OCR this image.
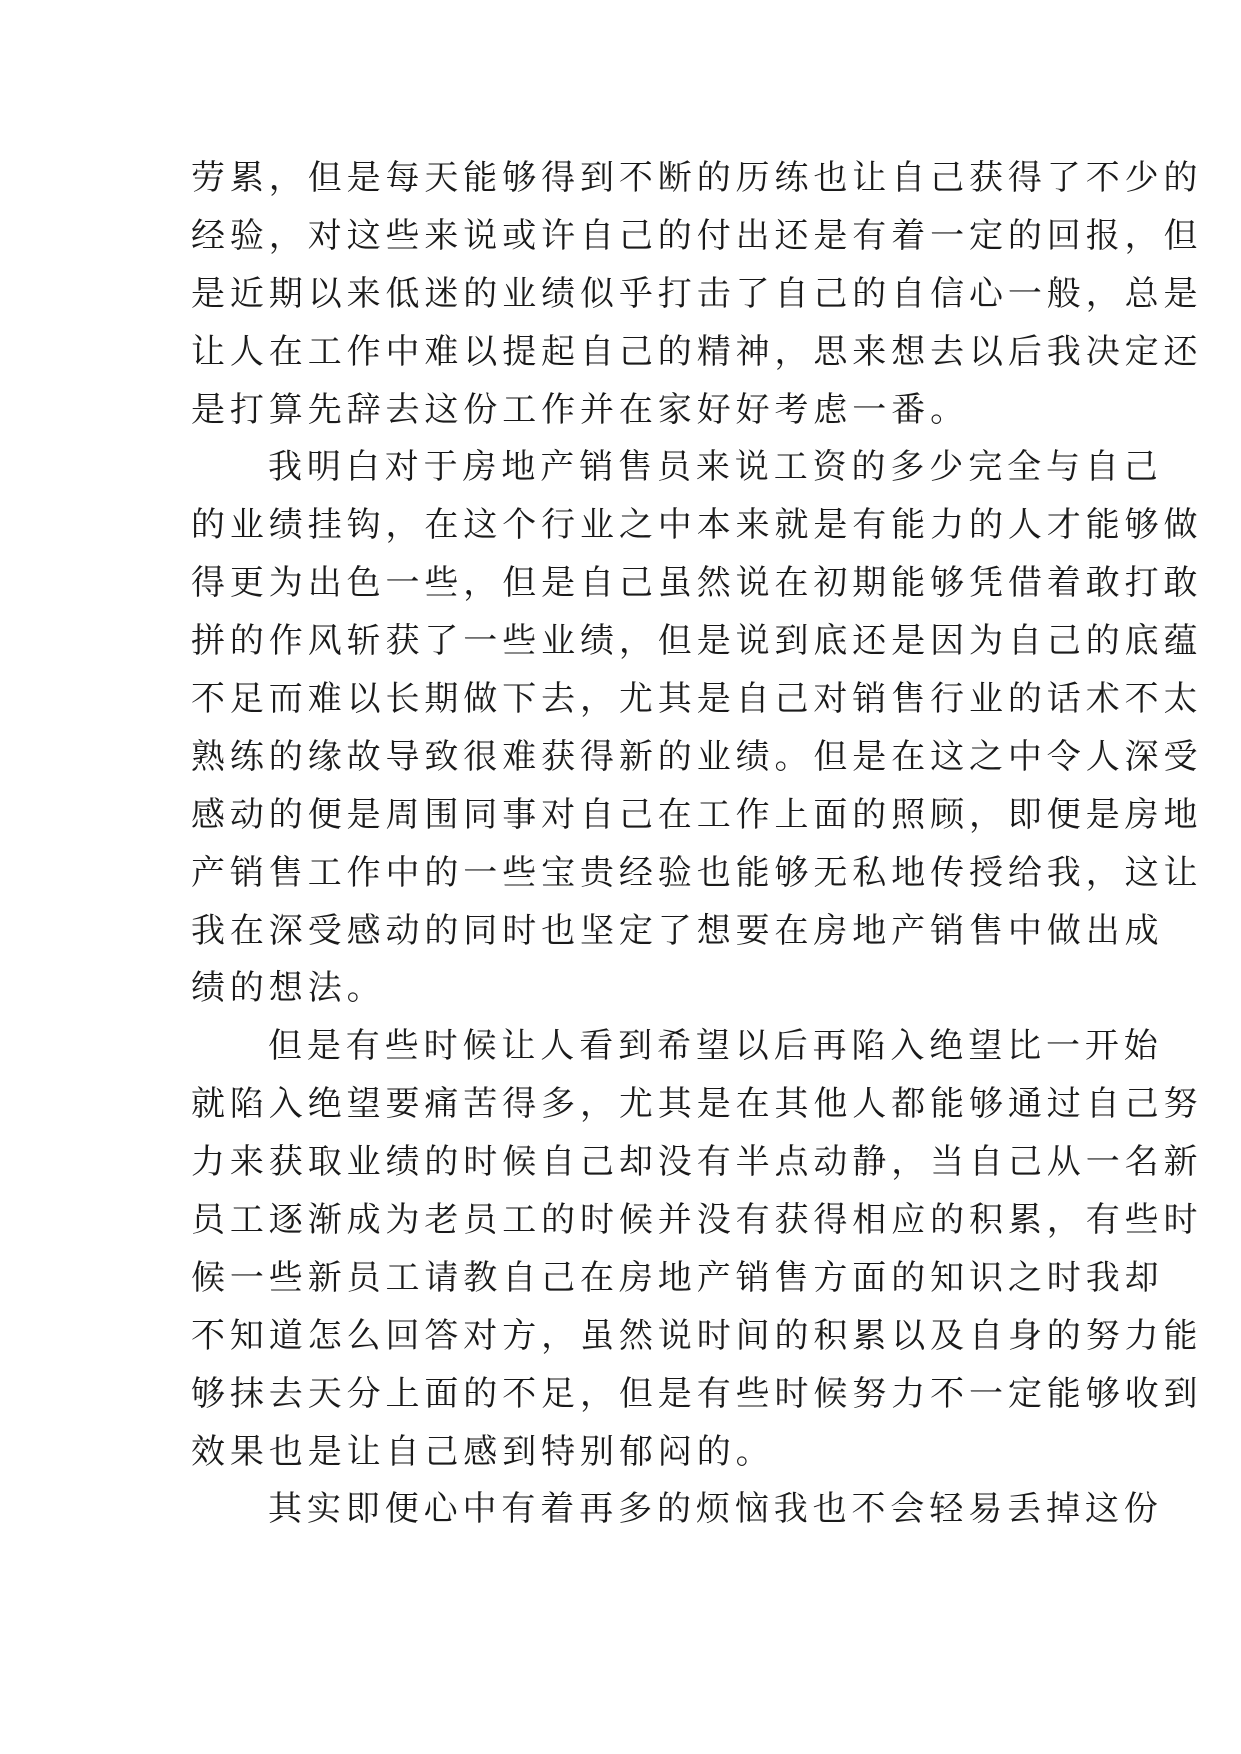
劳累，但是每天能够得到不断的历练也让自己获得了不少的
经验，对这些来说或许自己的付出还是有着一定的回报，但
是近期以来低迷的业绩似乎打击了自己的自信心一般，总是
让人在工作中难以提起自己的精神，思来想去以后我决定还
是打算先辞去这份工作并在家好好考虑一番。
我明白对于房地产销售员来说工资的多少完全与自己
的业绩挂钩，在这个行业之中本来就是有能力的人才能够做
得更为出色一些，但是自己虽然说在初期能够凭借着敢打敢
拼的作风斩获了一些业绩，但是说到底还是因为自己的底蕴
不足而难以长期做下去，尤其是自己对销售行业的话术不太
熟练的缘故导致很难获得新的业绩。但是在这之中令人深受
感动的便是周围同事对自己在工作上面的照顾，即便是房地
产销售工作中的一些宝贵经验也能够无私地传授给我，这让
我在深受感动的同时也坚定了想要在房地产销售中做出成
绩的想法。
但是有些时候让人看到希望以后再陷入绝望比一开始
就陷入绝望要痛苦得多，尤其是在其他人都能够通过自己努
力来获取业绩的时候自己却没有半点动静，当自己从一名新
员工逐渐成为老员工的时候并没有获得相应的积累，有些时
候一些新员工请教自己在房地产销售方面的知识之时我却
不知道怎么回答对方，虽然说时间的积累以及自身的努力能
够抹去天分上面的不足，但是有些时候努力不一定能够收到
效果也是让自己感到特别郁闷的。
其实即便心中有着再多的烦恼我也不会轻易丢掉这份
